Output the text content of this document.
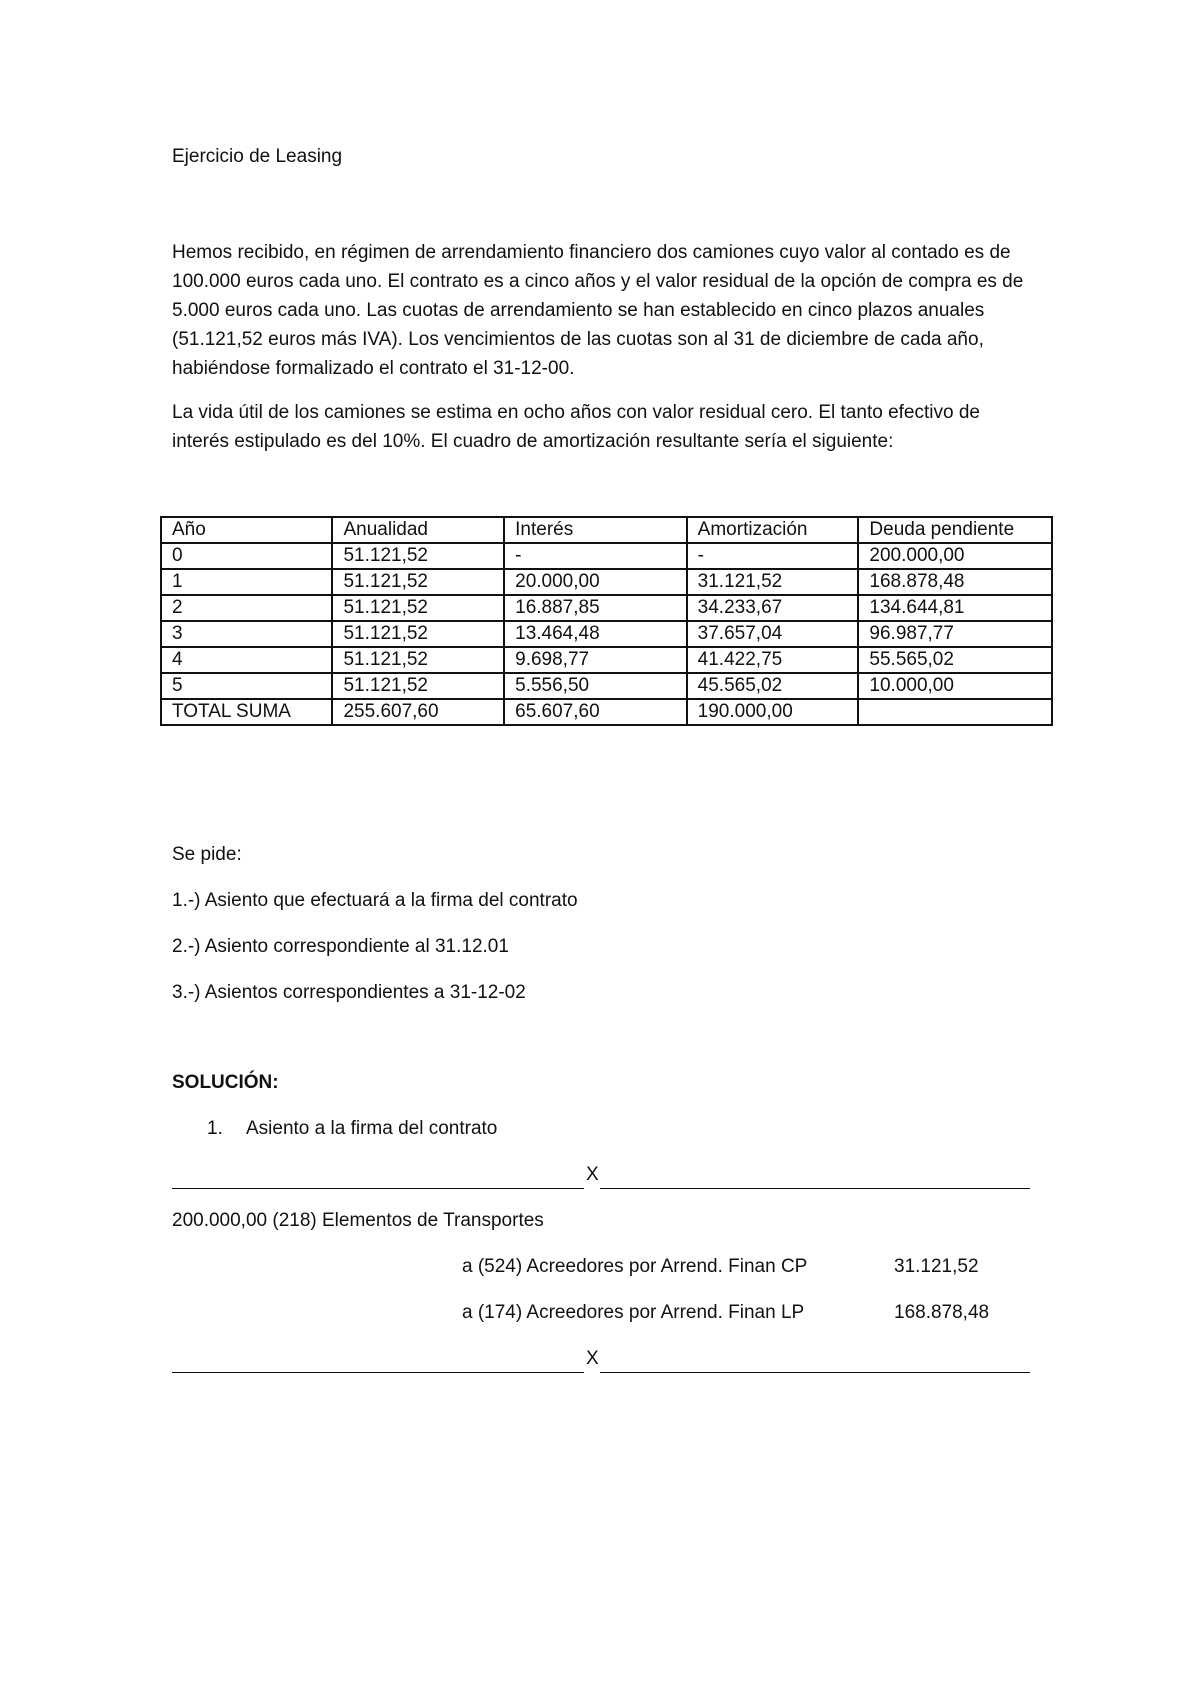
Ejercicio de Leasing

Hemos recibido, en régimen de arrendamiento financiero dos camiones cuyo valor al contado es de 100.000 euros cada uno. El contrato es a cinco años y el valor residual de la opción de compra es de 5.000 euros cada uno. Las cuotas de arrendamiento se han establecido en cinco plazos anuales (51.121,52 euros más IVA). Los vencimientos de las cuotas son al 31 de diciembre de cada año, habiéndose formalizado el contrato el 31-12-00.

La vida útil de los camiones se estima en ocho años con valor residual cero. El tanto efectivo de interés estipulado es del 10%. El cuadro de amortización resultante sería el siguiente:

Año	Anualidad	Interés	Amortización	Deuda pendiente
0	51.121,52	-	-	200.000,00
1	51.121,52	20.000,00	31.121,52	168.878,48
2	51.121,52	16.887,85	34.233,67	134.644,81
3	51.121,52	13.464,48	37.657,04	96.987,77
4	51.121,52	9.698,77	41.422,75	55.565,02
5	51.121,52	5.556,50	45.565,02	10.000,00
TOTAL SUMA	255.607,60	65.607,60	190.000,00	
Se pide:
1.-) Asiento que efectuará a la firma del contrato
2.-) Asiento correspondiente al 31.12.01
3.-) Asientos correspondientes a 31-12-02
SOLUCIÓN:
1. Asiento a la firma del contrato
X
200.000,00 (218) Elementos de Transportes
a (524) Acreedores por Arrend. Finan CP	31.121,52
a (174) Acreedores por Arrend. Finan LP	168.878,48
X
